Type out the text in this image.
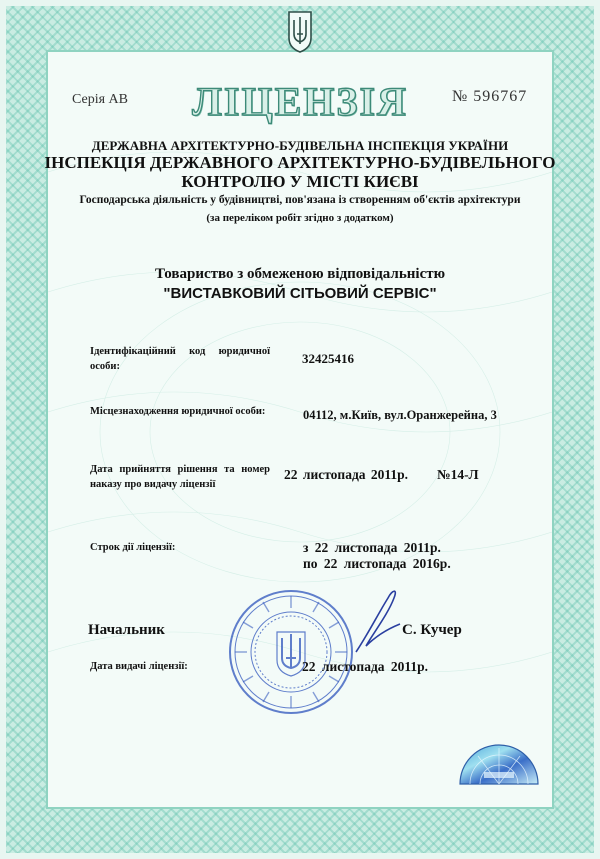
Серія АВ	ЛІЦЕНЗІЯ	№ 596767
ДЕРЖАВНА АРХІТЕКТУРНО-БУДІВЕЛЬНА ІНСПЕКЦІЯ УКРАЇНИ
ІНСПЕКЦІЯ ДЕРЖАВНОГО АРХІТЕКТУРНО-БУДІВЕЛЬНОГО
КОНТРОЛЮ У МІСТІ КИЄВІ
Господарська діяльність у будівництві, пов'язана із створенням об'єктів архітектури
(за переліком робіт згідно з додатком)
Товариство з обмеженою відповідальністю
"ВИСТАВКОВИЙ СІТЬОВИЙ СЕРВІС"
Ідентифікаційний код юридичної особи:
32425416
Місцезнаходження юридичної особи:	04112, м.Київ, вул.Оранжерейна, 3
Дата прийняття рішення та номер наказу про видачу ліцензії
22 листопада 2011р. №14-Л
Строк дії ліцензії:	з 22 листопада 2011р.
по 22 листопада 2016р.
Начальник	С. Кучер
Дата видачі ліцензії:	22 листопада 2011р.
